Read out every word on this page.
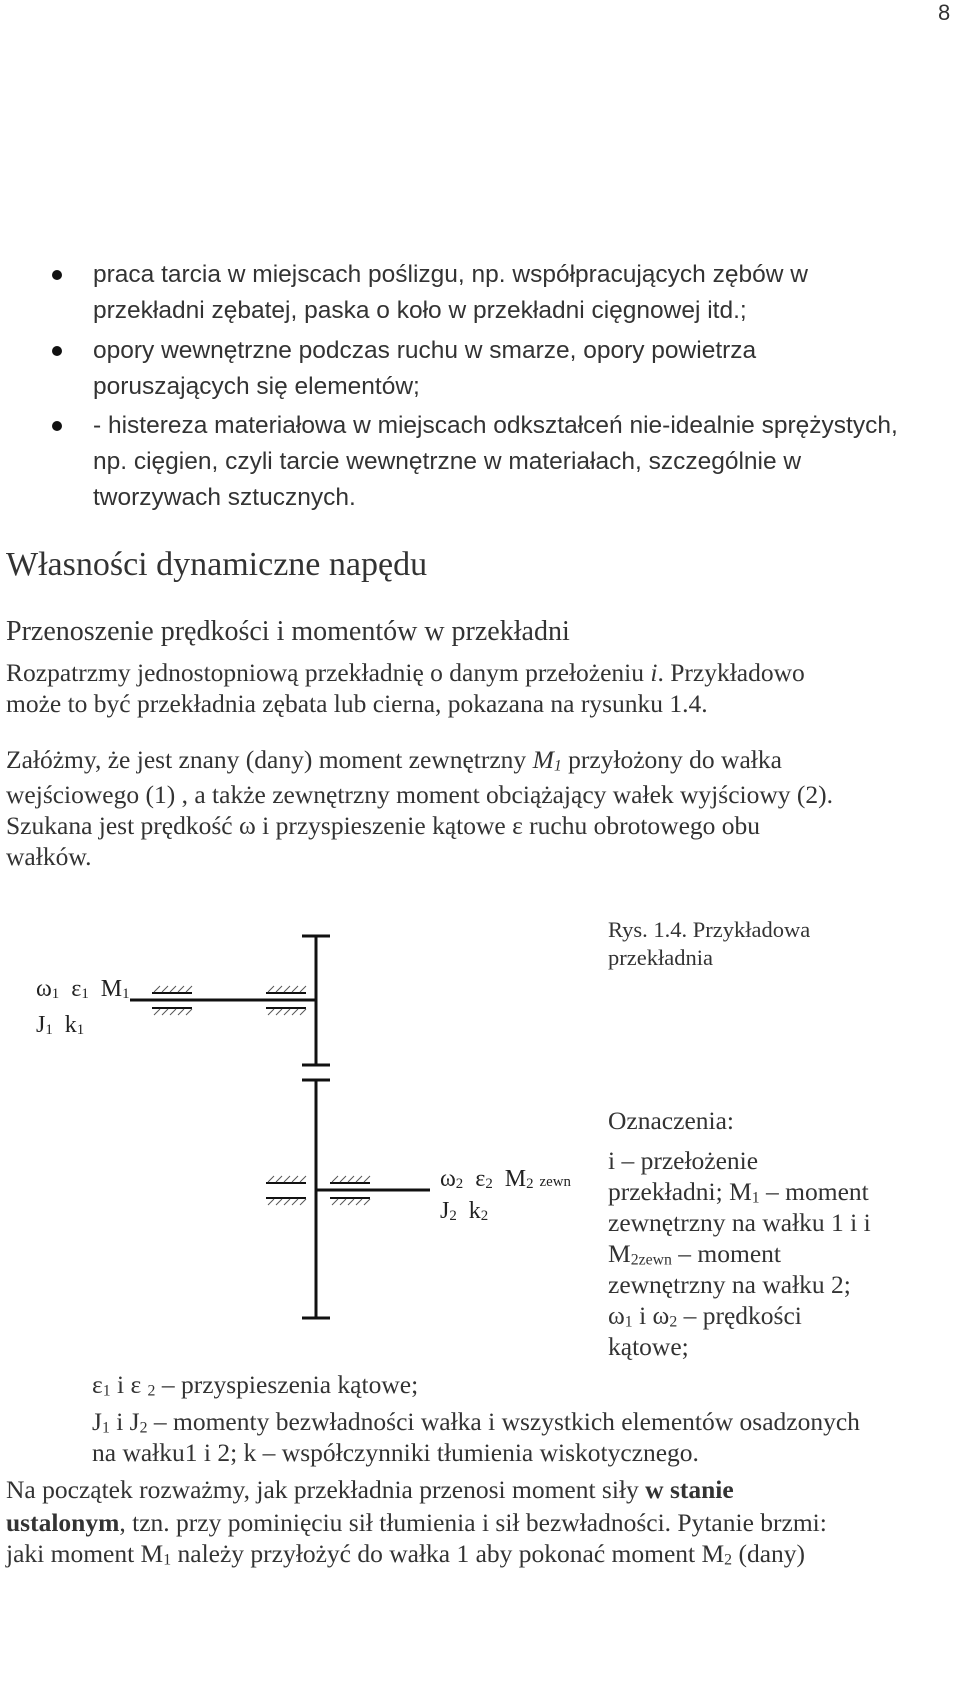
8
praca tarcia w miejscach poślizgu, np. współpracujących zębów w
przekładni zębatej, paska o koło w przekładni cięgnowej itd.;
opory wewnętrzne podczas ruchu w smarze, opory powietrza
poruszających się elementów;
- histereza materiałowa w miejscach odkształceń nie-idealnie sprężystych,
np. cięgien, czyli tarcie wewnętrzne w materiałach, szczególnie w
tworzywach sztucznych.
Własności dynamiczne napędu
Przenoszenie prędkości i momentów w przekładni
Rozpatrzmy jednostopniową przekładnię o danym przełożeniu i. Przykładowo
może to być przekładnia zębata lub cierna, pokazana na rysunku 1.4.
Załóżmy, że jest znany (dany) moment zewnętrzny $M_1$ przyłożony do wałka
wejściowego (1) , a także zewnętrzny moment obciążający wałek wyjściowy (2).
Szukana jest prędkość ω i przyspieszenie kątowe ε ruchu obrotowego obu
wałków.
$\omega_1$ $\varepsilon_1$ $M_1$
$J_1$ $k_1$
$\omega_2$ $\varepsilon_2$ $M_2$ zewn
$J_2$ $k_2$
Rys. 1.4. Przykładowa
przekładnia
Oznaczenia:
i – przełożenie
przekładni; $M_1$ – moment
zewnętrzny na wałku 1 i i
$M_{2zewn}$ – moment
zewnętrzny na wałku 2;
$\omega_1$ i $\omega_2$ – prędkości
kątowe;
$\varepsilon_1$ i ε $_2$ – przyspieszenia kątowe;
$J_1$ i $J_2$ – momenty bezwładności wałka i wszystkich elementów osadzonych
na wałku1 i 2; k – współczynniki tłumienia wiskotycznego.
Na początek rozważmy, jak przekładnia przenosi moment siły w stanie
ustalonym, tzn. przy pominięciu sił tłumienia i sił bezwładności. Pytanie brzmi:
jaki moment $M_1$ należy przyłożyć do wałka 1 aby pokonać moment $M_2$ (dany)
